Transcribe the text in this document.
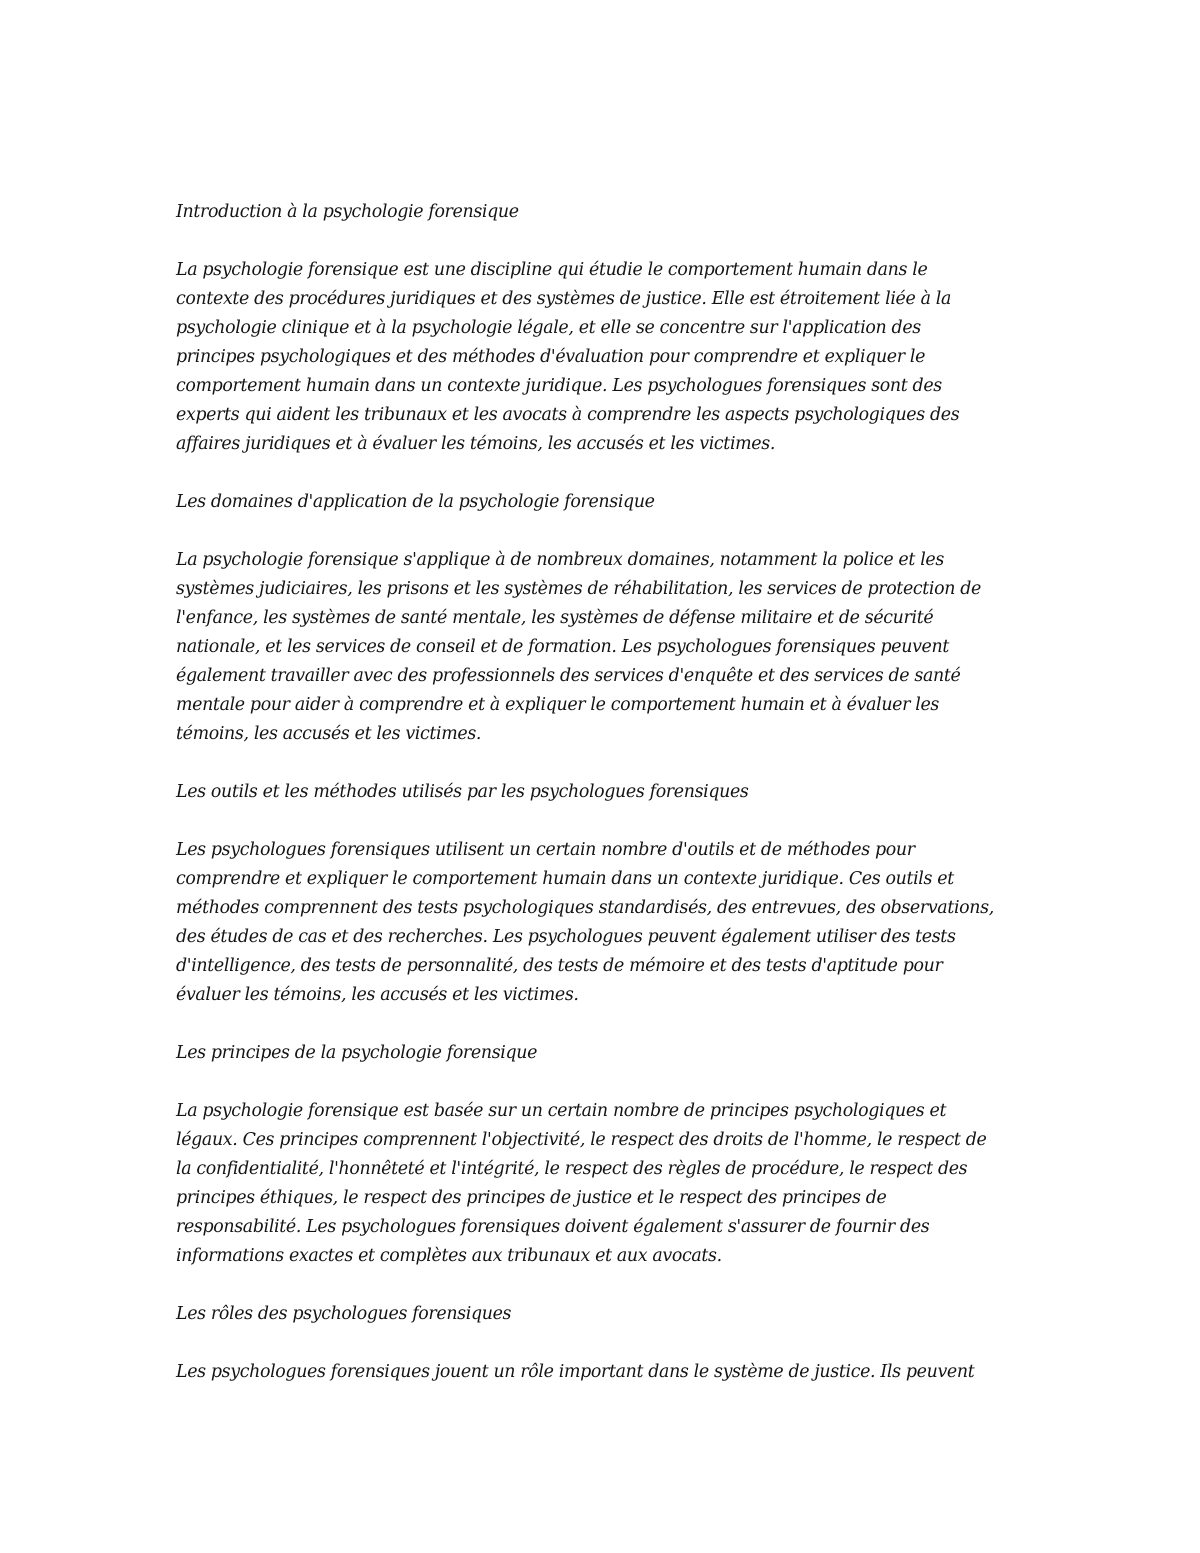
Introduction à la psychologie forensique
La psychologie forensique est une discipline qui étudie le comportement humain dans le
contexte des procédures juridiques et des systèmes de justice. Elle est étroitement liée à la
psychologie clinique et à la psychologie légale, et elle se concentre sur l'application des
principes psychologiques et des méthodes d'évaluation pour comprendre et expliquer le
comportement humain dans un contexte juridique. Les psychologues forensiques sont des
experts qui aident les tribunaux et les avocats à comprendre les aspects psychologiques des
affaires juridiques et à évaluer les témoins, les accusés et les victimes.
Les domaines d'application de la psychologie forensique
La psychologie forensique s'applique à de nombreux domaines, notamment la police et les
systèmes judiciaires, les prisons et les systèmes de réhabilitation, les services de protection de
l'enfance, les systèmes de santé mentale, les systèmes de défense militaire et de sécurité
nationale, et les services de conseil et de formation. Les psychologues forensiques peuvent
également travailler avec des professionnels des services d'enquête et des services de santé
mentale pour aider à comprendre et à expliquer le comportement humain et à évaluer les
témoins, les accusés et les victimes.
Les outils et les méthodes utilisés par les psychologues forensiques
Les psychologues forensiques utilisent un certain nombre d'outils et de méthodes pour
comprendre et expliquer le comportement humain dans un contexte juridique. Ces outils et
méthodes comprennent des tests psychologiques standardisés, des entrevues, des observations,
des études de cas et des recherches. Les psychologues peuvent également utiliser des tests
d'intelligence, des tests de personnalité, des tests de mémoire et des tests d'aptitude pour
évaluer les témoins, les accusés et les victimes.
Les principes de la psychologie forensique
La psychologie forensique est basée sur un certain nombre de principes psychologiques et
légaux. Ces principes comprennent l'objectivité, le respect des droits de l'homme, le respect de
la confidentialité, l'honnêteté et l'intégrité, le respect des règles de procédure, le respect des
principes éthiques, le respect des principes de justice et le respect des principes de
responsabilité. Les psychologues forensiques doivent également s'assurer de fournir des
informations exactes et complètes aux tribunaux et aux avocats.
Les rôles des psychologues forensiques
Les psychologues forensiques jouent un rôle important dans le système de justice. Ils peuvent
